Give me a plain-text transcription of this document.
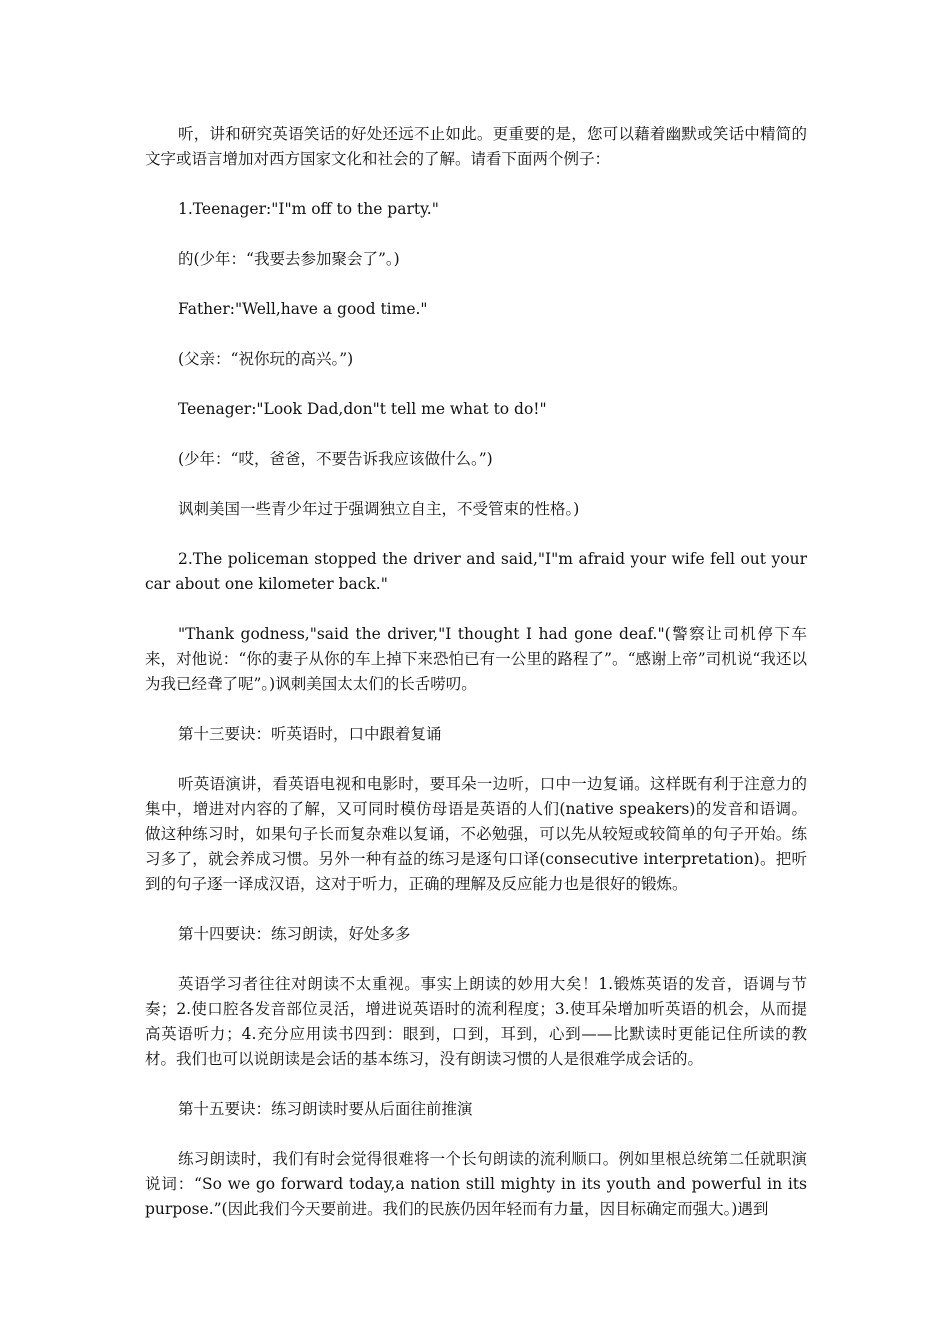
听，讲和研究英语笑话的好处还远不止如此。更重要的是，您可以藉着幽默或笑话中精简的文字或语言增加对西方国家文化和社会的了解。请看下面两个例子：

1.Teenager:"I"m off to the party."

的(少年：“我要去参加聚会了”。)

Father:"Well,have a good time."

(父亲：“祝你玩的高兴。”)

Teenager:"Look Dad,don"t tell me what to do!"

(少年：“哎，爸爸，不要告诉我应该做什么。”)

讽刺美国一些青少年过于强调独立自主，不受管束的性格。)

2.The policeman stopped the driver and said,"I"m afraid your wife fell out your car about one kilometer back."

"Thank godness,"said the driver,"I thought I had gone deaf."(警察让司机停下车来，对他说：“你的妻子从你的车上掉下来恐怕已有一公里的路程了”。“感谢上帝”司机说“我还以为我已经聋了呢”。)讽刺美国太太们的长舌唠叨。

第十三要诀：听英语时，口中跟着复诵

听英语演讲，看英语电视和电影时，要耳朵一边听，口中一边复诵。这样既有利于注意力的集中，增进对内容的了解，又可同时模仿母语是英语的人们(native speakers)的发音和语调。做这种练习时，如果句子长而复杂难以复诵，不必勉强，可以先从较短或较简单的句子开始。练习多了，就会养成习惯。另外一种有益的练习是逐句口译(consecutive interpretation)。把听到的句子逐一译成汉语，这对于听力，正确的理解及反应能力也是很好的锻炼。

第十四要诀：练习朗读，好处多多

英语学习者往往对朗读不太重视。事实上朗读的妙用大矣！1.锻炼英语的发音，语调与节奏；2.使口腔各发音部位灵活，增进说英语时的流利程度；3.使耳朵增加听英语的机会，从而提高英语听力；4.充分应用读书四到：眼到，口到，耳到，心到——比默读时更能记住所读的教材。我们也可以说朗读是会话的基本练习，没有朗读习惯的人是很难学成会话的。

第十五要诀：练习朗读时要从后面往前推演

练习朗读时，我们有时会觉得很难将一个长句朗读的流利顺口。例如里根总统第二任就职演说词：“So we go forward today,a nation still mighty in its youth and powerful in its purpose.”(因此我们今天要前进。我们的民族仍因年轻而有力量，因目标确定而强大。)遇到
